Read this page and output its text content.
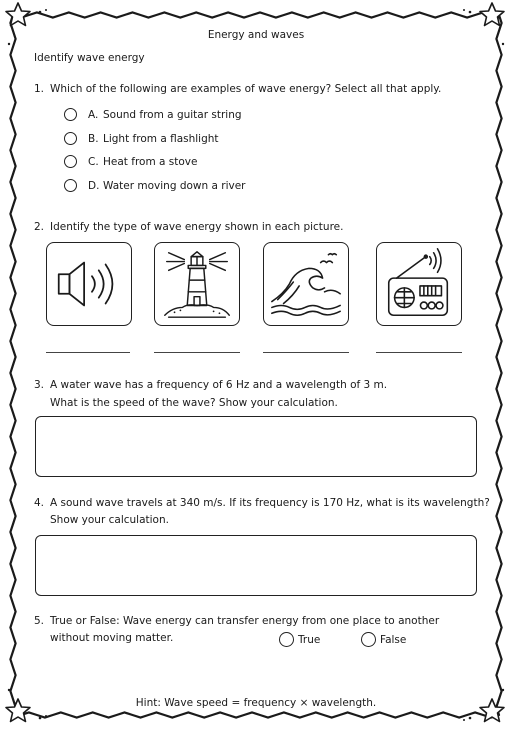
Energy and waves
Identify wave energy
1. Which of the following are examples of wave energy? Select all that apply.
A. Sound from a guitar string
B. Light from a flashlight
C. Heat from a stove
D. Water moving down a river
2. Identify the type of wave energy shown in each picture.
3. A water wave has a frequency of 6 Hz and a wavelength of 3 m.
What is the speed of the wave? Show your calculation.
4. A sound wave travels at 340 m/s. If its frequency is 170 Hz, what is its wavelength?
Show your calculation.
5. True or False: Wave energy can transfer energy from one place to another
without moving matter.	True	False
Hint: Wave speed = frequency × wavelength.
